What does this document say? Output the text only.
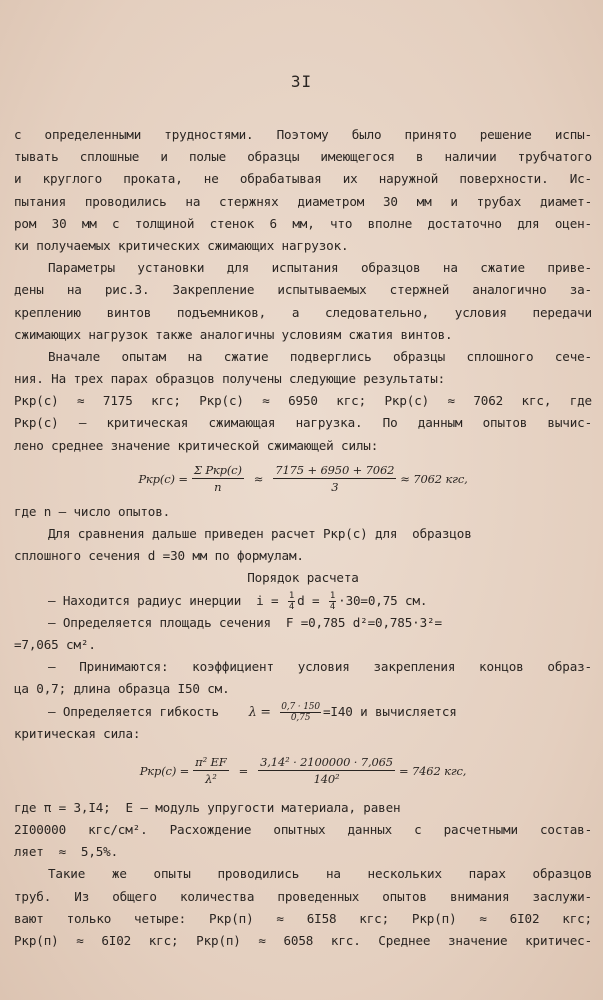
3I
с определенными трудностями. Поэтому было принято решение испы-
тывать сплошные и полые образцы имеющегося в наличии трубчатого
и круглого проката, не обрабатывая их наружной поверхности. Ис-
пытания проводились на стержнях диаметром 30 мм и трубах диамет-
ром 30 мм с толщиной стенок 6 мм, что вполне достаточно для оцен-
ки получаемых критических сжимающих нагрузок.
Параметры установки для испытания образцов на сжатие приве-
дены на рис.3. Закрепление испытываемых стержней аналогично за-
креплению винтов подъемников, а следовательно, условия передачи
сжимающих нагрузок также аналогичны условиям сжатия винтов.
Вначале опытам на сжатие подверглись образцы сплошного сече-
ния. На трех парах образцов получены следующие результаты:
Pкр(с) ≈ 7175 кгс; Pкр(с) ≈ 6950 кгс; Pкр(с) ≈ 7062 кгс, где
Pкр(с) – критическая сжимающая нагрузка. По данным опытов вычис-
лено среднее значение критической сжимающей силы:
$Pкр(с) = \frac{\text{Σ Pкр(с)}}{n} \approx \frac{7175 + 6950 + 7062}{3} \approx 7062$ кгс,
где n – число опытов.
Для сравнения дальше приведен расчет Pкр(с) для  образцов
сплошного сечения d =30 мм по формулам.
Порядок расчета
– Находится радиус инерции  $i = \frac{1}{4}$ $d = \frac{1}{4} \cdot 30=0,75$ см.
– Определяется площадь сечения  F =0,785 d²=0,785·3²=
=7,065 см².
– Принимаются: коэффициент условия закрепления концов образ-
ца 0,7; длина образца I50 см.
– Определяется гибкость $\lambda = \frac{0,7 \cdot 150}{0,75} =I40$ и вычисляется
критическая сила:
$Pкр(с) = \frac{\text{π² EF}}{\text{λ²}} = \frac{\text{3,14² · 2100000 · 7,065}}{\text{140²}} = 7462$ кгс,
где π = 3,I4;  E – модуль упругости материала, равен
2I00000 кгс/см². Расхождение опытных данных с расчетными состав-
ляет  ≈  5,5%.
Такие же опыты проводились на нескольких парах образцов
труб. Из общего количества проведенных опытов внимания заслужи-
вают только четыре: Pкр(п) ≈ 6I58 кгс; Pкр(п) ≈ 6I02 кгс;
Pкр(п) ≈ 6I02 кгс; Pкр(п) ≈ 6058 кгс. Среднее значение критичес-
